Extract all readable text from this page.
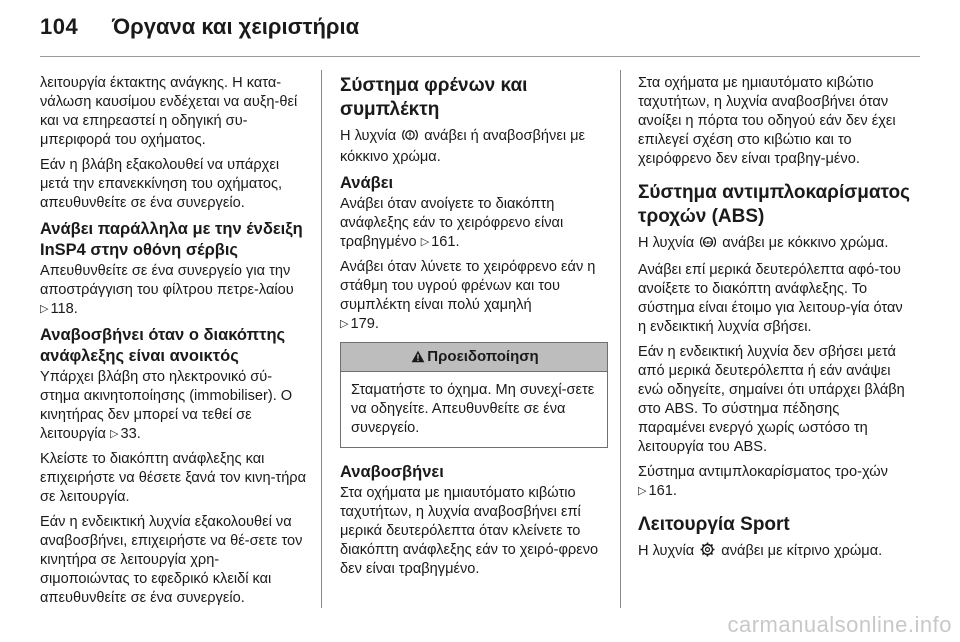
104 Όργανα και χειριστήρια

λειτουργία έκτακτης ανάγκης. Η κατα-νάλωση καυσίμου ενδέχεται να αυξη-θεί και να επηρεαστεί η οδηγική συ-μπεριφορά του οχήματος.

Εάν η βλάβη εξακολουθεί να υπάρχει μετά την επανεκκίνηση του οχήματος, απευθυνθείτε σε ένα συνεργείο.

Ανάβει παράλληλα με την ένδειξη InSP4 στην οθόνη σέρβις

Απευθυνθείτε σε ένα συνεργείο για την αποστράγγιση του φίλτρου πετρε-λαίου ▷ 118.

Αναβοσβήνει όταν ο διακόπτης ανάφλεξης είναι ανοικτός

Υπάρχει βλάβη στο ηλεκτρονικό σύ-στημα ακινητοποίησης (immobiliser). Ο κινητήρας δεν μπορεί να τεθεί σε λειτουργία ▷ 33.

Κλείστε το διακόπτη ανάφλεξης και επιχειρήστε να θέσετε ξανά τον κινη-τήρα σε λειτουργία.

Εάν η ενδεικτική λυχνία εξακολουθεί να αναβοσβήνει, επιχειρήστε να θέ-σετε τον κινητήρα σε λειτουργία χρη-σιμοποιώντας το εφεδρικό κλειδί και απευθυνθείτε σε ένα συνεργείο.

Σύστημα φρένων και συμπλέκτη

Η λυχνία ανάβει ή αναβοσβήνει με κόκκινο χρώμα.

Ανάβει

Ανάβει όταν ανοίγετε το διακόπτη ανάφλεξης εάν το χειρόφρενο είναι τραβηγμένο ▷ 161.

Ανάβει όταν λύνετε το χειρόφρενο εάν η στάθμη του υγρού φρένων και του συμπλέκτη είναι πολύ χαμηλή
▷ 179.

Προειδοποίηση
Σταματήστε το όχημα. Μη συνεχί-σετε να οδηγείτε. Απευθυνθείτε σε ένα συνεργείο.
Αναβοσβήνει

Στα οχήματα με ημιαυτόματο κιβώτιο ταχυτήτων, η λυχνία αναβοσβήνει επί μερικά δευτερόλεπτα όταν κλείνετε το διακόπτη ανάφλεξης εάν το χειρό-φρενο δεν είναι τραβηγμένο.

Στα οχήματα με ημιαυτόματο κιβώτιο ταχυτήτων, η λυχνία αναβοσβήνει όταν ανοίξει η πόρτα του οδηγού εάν δεν έχει επιλεγεί σχέση στο κιβώτιο και το χειρόφρενο δεν είναι τραβηγ-μένο.

Σύστημα αντιμπλοκαρίσματος τροχών (ABS)

Η λυχνία ABS ανάβει με κόκκινο χρώμα.

Ανάβει επί μερικά δευτερόλεπτα αφό-του ανοίξετε το διακόπτη ανάφλεξης. Το σύστημα είναι έτοιμο για λειτουρ-γία όταν η ενδεικτική λυχνία σβήσει.

Εάν η ενδεικτική λυχνία δεν σβήσει μετά από μερικά δευτερόλεπτα ή εάν ανάψει ενώ οδηγείτε, σημαίνει ότι υπάρχει βλάβη στο ABS. Το σύστημα πέδησης παραμένει ενεργό χωρίς ωστόσο τη λειτουργία του ABS.

Σύστημα αντιμπλοκαρίσματος τρο-χών ▷ 161.

Λειτουργία Sport

Η λυχνία ανάβει με κίτρινο χρώμα.

carmanualsonline.info
